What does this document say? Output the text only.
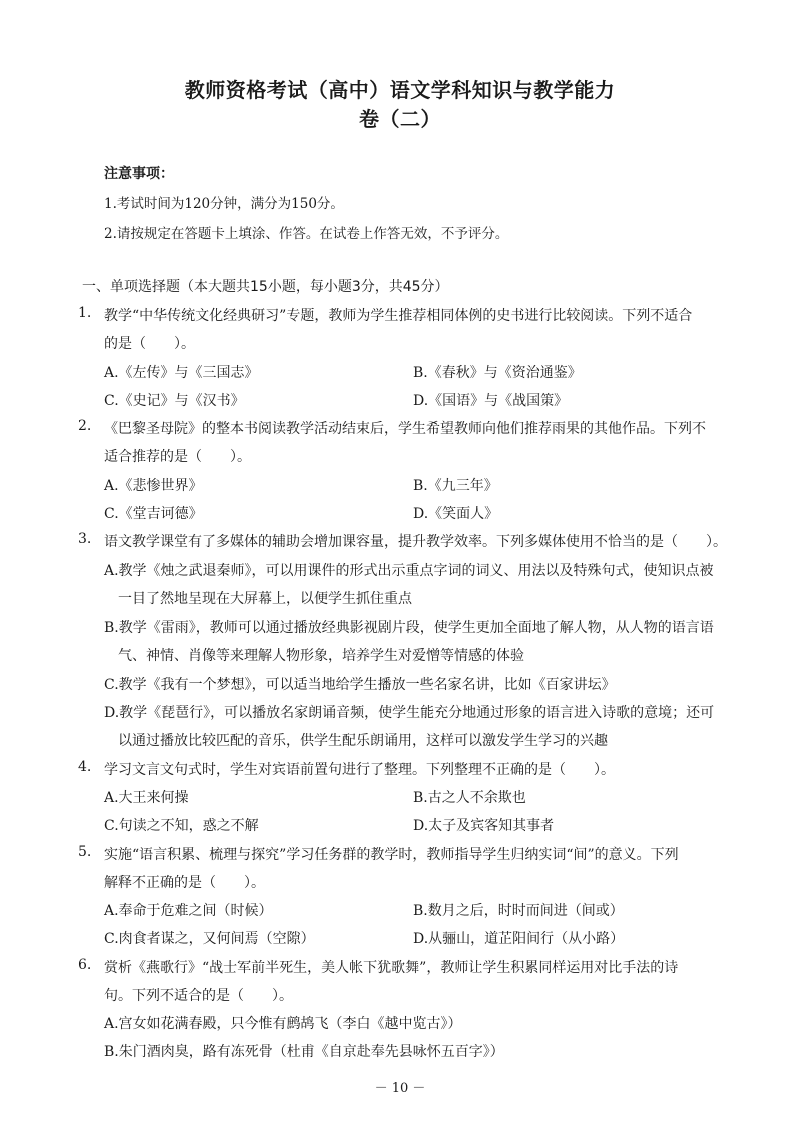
教师资格考试（高中）语文学科知识与教学能力
卷（二）
注意事项：
1.考试时间为120分钟，满分为150分。
2.请按规定在答题卡上填涂、作答。在试卷上作答无效，不予评分。
一、单项选择题（本大题共15小题，每小题3分，共45分）
1. 教学“中华传统文化经典研习”专题，教师为学生推荐相同体例的史书进行比较阅读。下列不适合
的是（　　）。
A.《左传》与《三国志》	B.《春秋》与《资治通鉴》
C.《史记》与《汉书》	D.《国语》与《战国策》
2. 《巴黎圣母院》的整本书阅读教学活动结束后，学生希望教师向他们推荐雨果的其他作品。下列不
适合推荐的是（　　）。
A.《悲惨世界》	B.《九三年》
C.《堂吉诃德》	D.《笑面人》
3. 语文教学课堂有了多媒体的辅助会增加课容量，提升教学效率。下列多媒体使用不恰当的是（　　）。
A.教学《烛之武退秦师》，可以用课件的形式出示重点字词的词义、用法以及特殊句式，使知识点被
一目了然地呈现在大屏幕上，以便学生抓住重点
B.教学《雷雨》，教师可以通过播放经典影视剧片段，使学生更加全面地了解人物，从人物的语言语
气、神情、肖像等来理解人物形象，培养学生对爱憎等情感的体验
C.教学《我有一个梦想》，可以适当地给学生播放一些名家名讲，比如《百家讲坛》
D.教学《琵琶行》，可以播放名家朗诵音频，使学生能充分地通过形象的语言进入诗歌的意境；还可
以通过播放比较匹配的音乐，供学生配乐朗诵用，这样可以激发学生学习的兴趣
4. 学习文言文句式时，学生对宾语前置句进行了整理。下列整理不正确的是（　　）。
A.大王来何操	B.古之人不余欺也
C.句读之不知，惑之不解	D.太子及宾客知其事者
5. 实施“语言积累、梳理与探究”学习任务群的教学时，教师指导学生归纳实词“间”的意义。下列
解释不正确的是（　　）。
A.奉命于危难之间（时候）	B.数月之后，时时而间进（间或）
C.肉食者谋之，又何间焉（空隙）	D.从骊山，道芷阳间行（从小路）
6. 赏析《燕歌行》“战士军前半死生，美人帐下犹歌舞”，教师让学生积累同样运用对比手法的诗
句。下列不适合的是（　　）。
A.宫女如花满春殿，只今惟有鹧鸪飞（李白《越中览古》）
B.朱门酒肉臭，路有冻死骨（杜甫《自京赴奉先县咏怀五百字》）
－ 10 －
